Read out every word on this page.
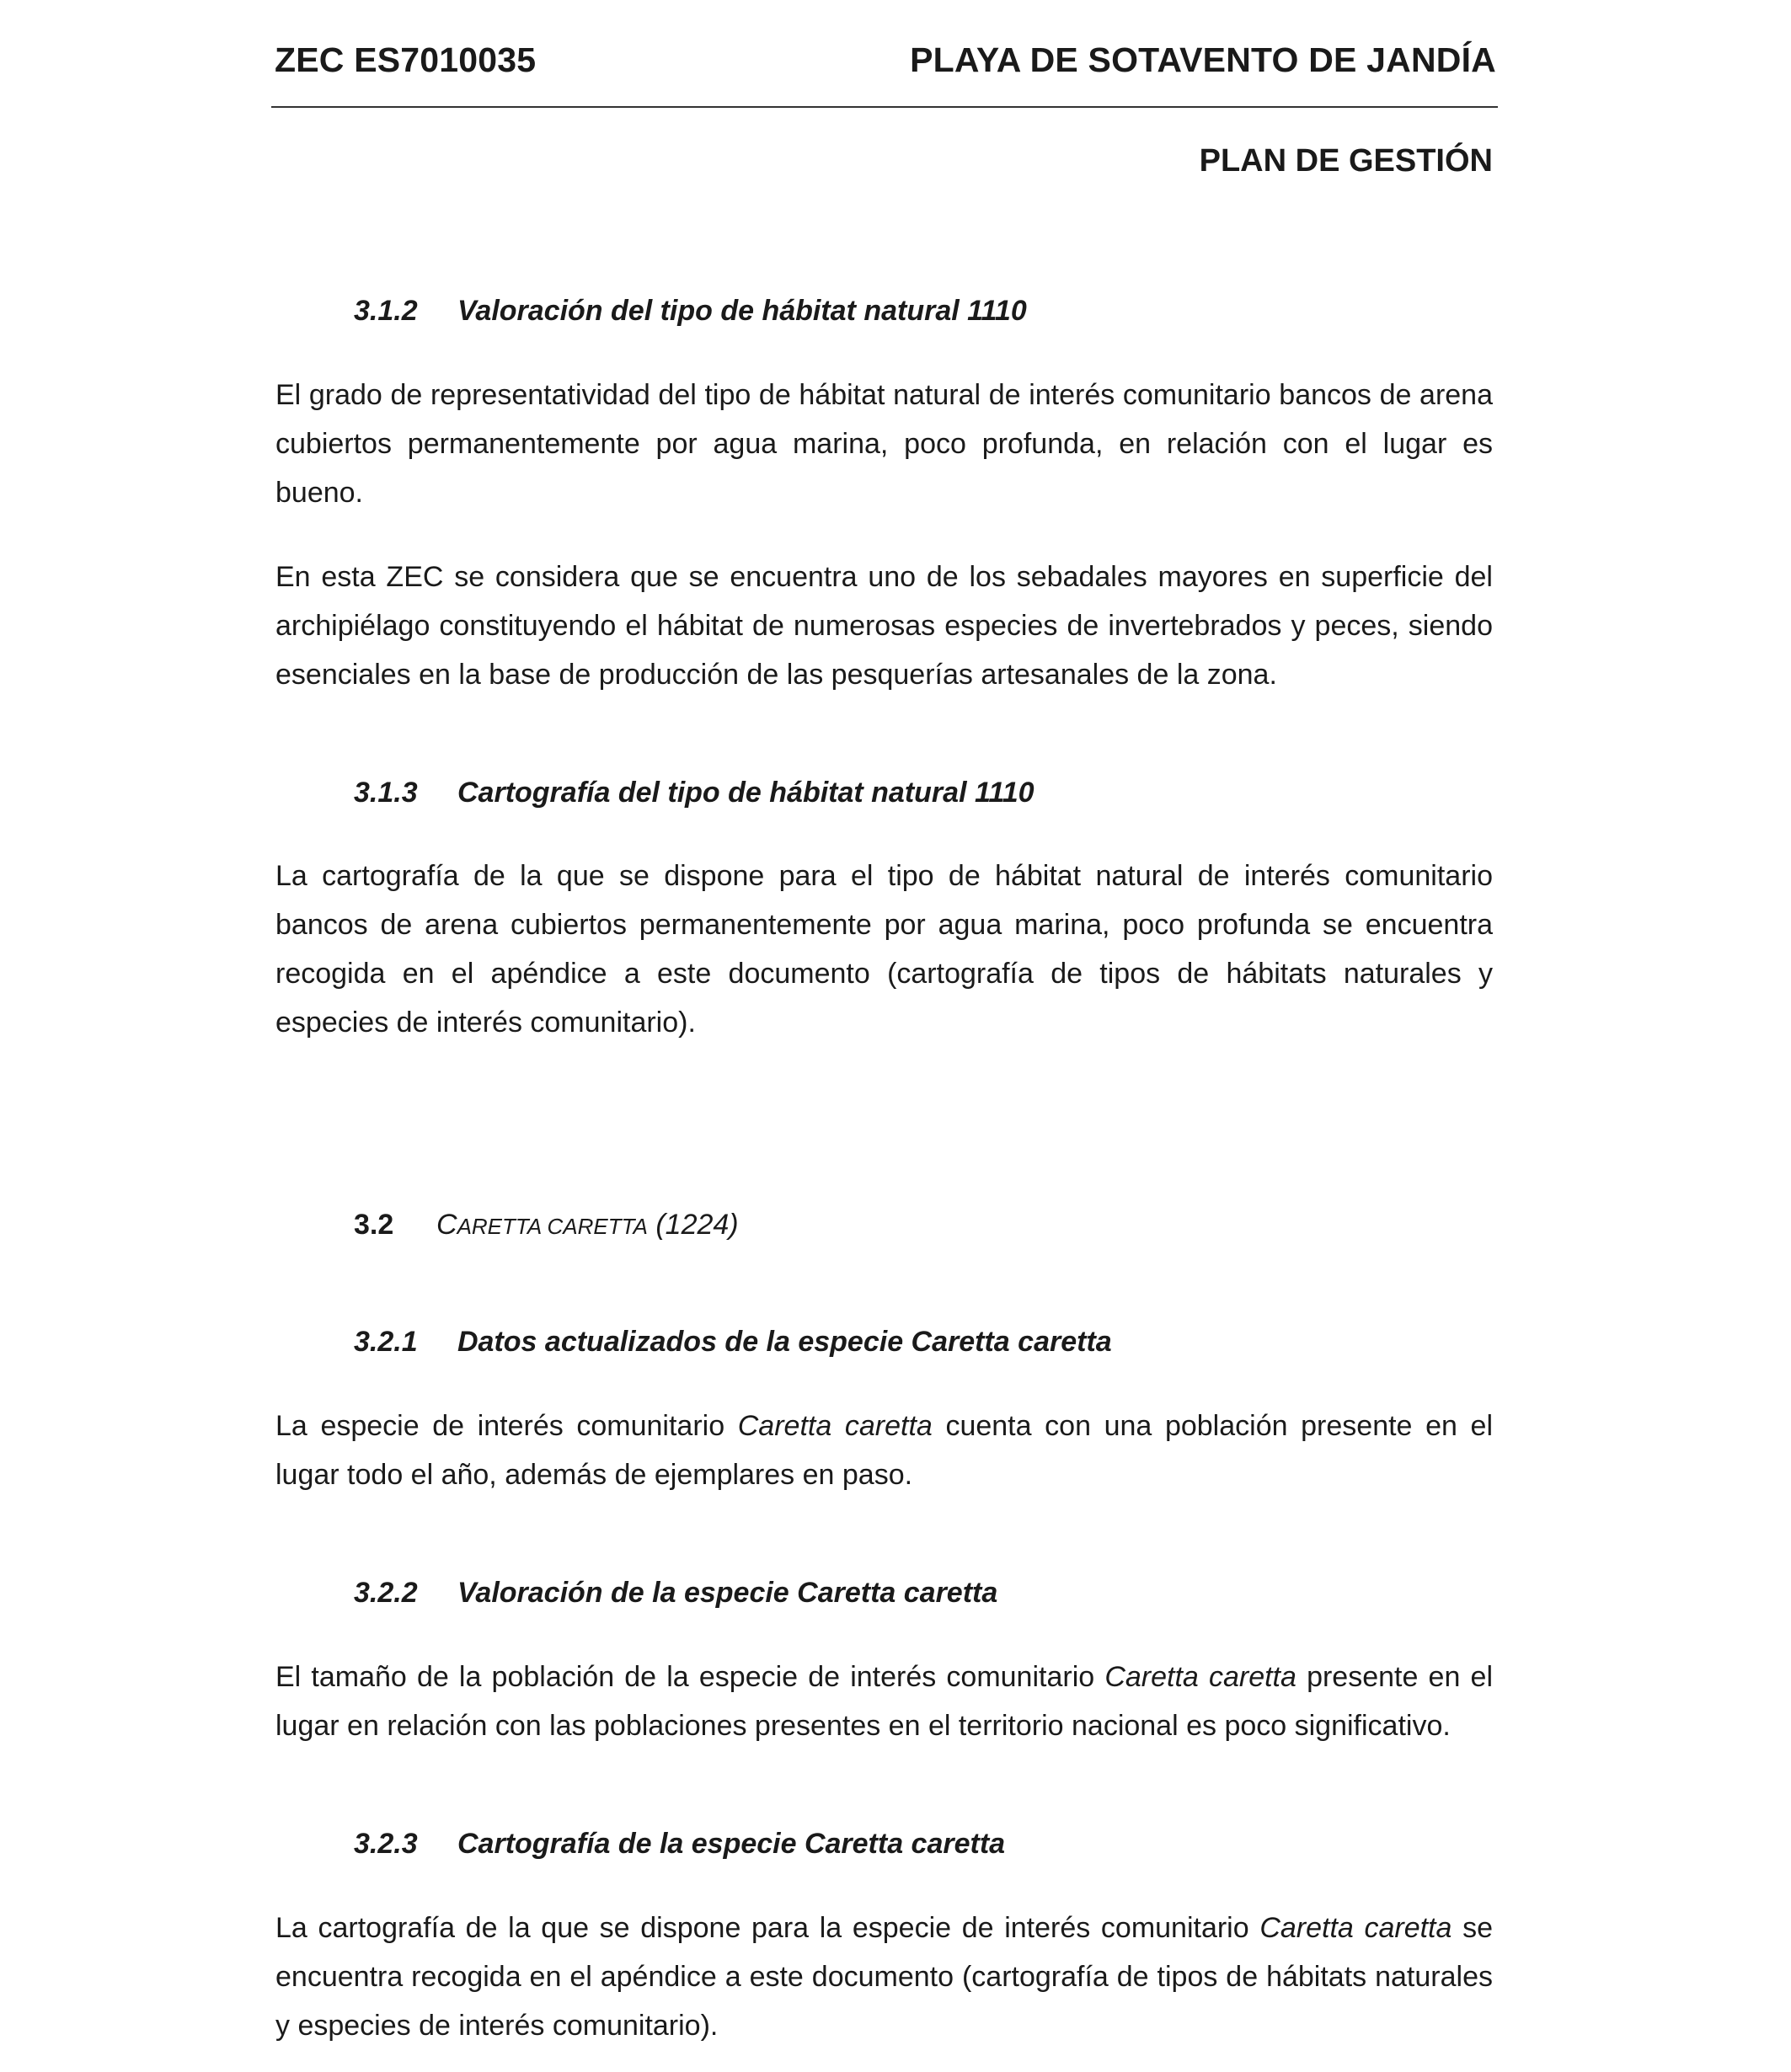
ZEC ES7010035	PLAYA DE SOTAVENTO DE JANDÍA
PLAN DE GESTIÓN
3.1.2 Valoración del tipo de hábitat natural 1110

El grado de representatividad del tipo de hábitat natural de interés comunitario bancos de arena cubiertos permanentemente por agua marina, poco profunda, en relación con el lugar es bueno.

En esta ZEC se considera que se encuentra uno de los sebadales mayores en superficie del archipiélago constituyendo el hábitat de numerosas especies de invertebrados y peces, siendo esenciales en la base de producción de las pesquerías artesanales de la zona.

3.1.3 Cartografía del tipo de hábitat natural 1110

La cartografía de la que se dispone para el tipo de hábitat natural de interés comunitario bancos de arena cubiertos permanentemente por agua marina, poco profunda se encuentra recogida en el apéndice a este documento (cartografía de tipos de hábitats naturales y especies de interés comunitario).

3.2 CARETTA CARETTA (1224)
3.2.1 Datos actualizados de la especie Caretta caretta

La especie de interés comunitario Caretta caretta cuenta con una población presente en el lugar todo el año, además de ejemplares en paso.

3.2.2 Valoración de la especie Caretta caretta

El tamaño de la población de la especie de interés comunitario Caretta caretta presente en el lugar en relación con las poblaciones presentes en el territorio nacional es poco significativo.

3.2.3 Cartografía de la especie Caretta caretta

La cartografía de la que se dispone para la especie de interés comunitario Caretta caretta se encuentra recogida en el apéndice a este documento (cartografía de tipos de hábitats naturales y especies de interés comunitario).
